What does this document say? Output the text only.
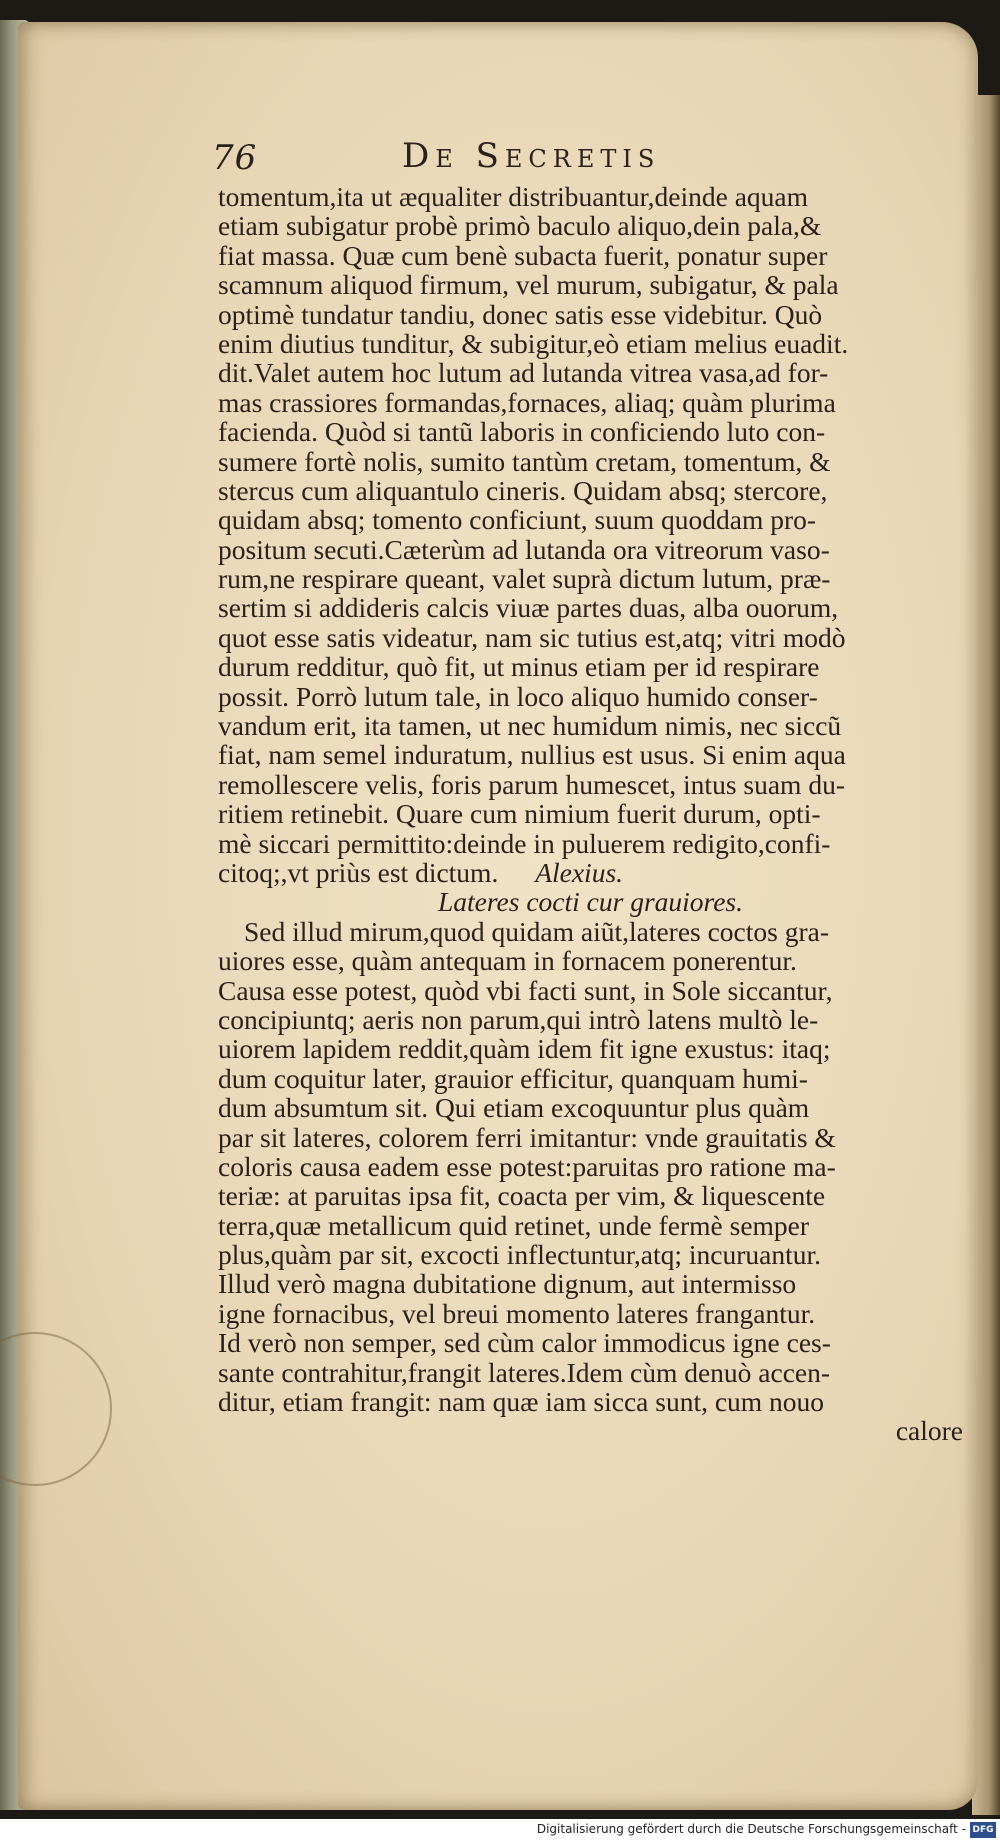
76	De Secretis
tomentum,ita ut æqualiter distribuantur,deinde aquam
etiam subigatur probè primò baculo aliquo,dein pala,&
fiat massa. Quæ cum benè subacta fuerit, ponatur super
scamnum aliquod firmum, vel murum, subigatur, & pala
optimè tundatur tandiu, donec satis esse videbitur. Quò
enim diutius tunditur, & subigitur,eò etiam melius euadit.
dit.Valet autem hoc lutum ad lutanda vitrea vasa,ad for-
mas crassiores formandas,fornaces, aliaq; quàm plurima
facienda. Quòd si tantũ laboris in conficiendo luto con-
sumere fortè nolis, sumito tantùm cretam, tomentum, &
stercus cum aliquantulo cineris. Quidam absq; stercore,
quidam absq; tomento conficiunt, suum quoddam pro-
positum secuti.Cæterùm ad lutanda ora vitreorum vaso-
rum,ne respirare queant, valet suprà dictum lutum, præ-
sertim si addideris calcis viuæ partes duas, alba ouorum,
quot esse satis videatur, nam sic tutius est,atq; vitri modò
durum redditur, quò fit, ut minus etiam per id respirare
possit. Porrò lutum tale, in loco aliquo humido conser-
vandum erit, ita tamen, ut nec humidum nimis, nec siccũ
fiat, nam semel induratum, nullius est usus. Si enim aqua
remollescere velis, foris parum humescet, intus suam du-
ritiem retinebit. Quare cum nimium fuerit durum, opti-
mè siccari permittito:deinde in puluerem redigito,confi-
citoq;,vt priùs est dictum. Alexius.
Lateres cocti cur grauiores.
Sed illud mirum,quod quidam aiũt,lateres coctos gra-
uiores esse, quàm antequam in fornacem ponerentur.
Causa esse potest, quòd vbi facti sunt, in Sole siccantur,
concipiuntq; aeris non parum,qui intrò latens multò le-
uiorem lapidem reddit,quàm idem fit igne exustus: itaq;
dum coquitur later, grauior efficitur, quanquam humi-
dum absumtum sit. Qui etiam excoquuntur plus quàm
par sit lateres, colorem ferri imitantur: vnde grauitatis &
coloris causa eadem esse potest:paruitas pro ratione ma-
teriæ: at paruitas ipsa fit, coacta per vim, & liquescente
terra,quæ metallicum quid retinet, unde fermè semper
plus,quàm par sit, excocti inflectuntur,atq; incuruantur.
Illud verò magna dubitatione dignum, aut intermisso
igne fornacibus, vel breui momento lateres frangantur.
Id verò non semper, sed cùm calor immodicus igne ces-
sante contrahitur,frangit lateres.Idem cùm denuò accen-
ditur, etiam frangit: nam quæ iam sicca sunt, cum nouo
calore
Digitalisierung gefördert durch die Deutsche Forschungsgemeinschaft - DFG
